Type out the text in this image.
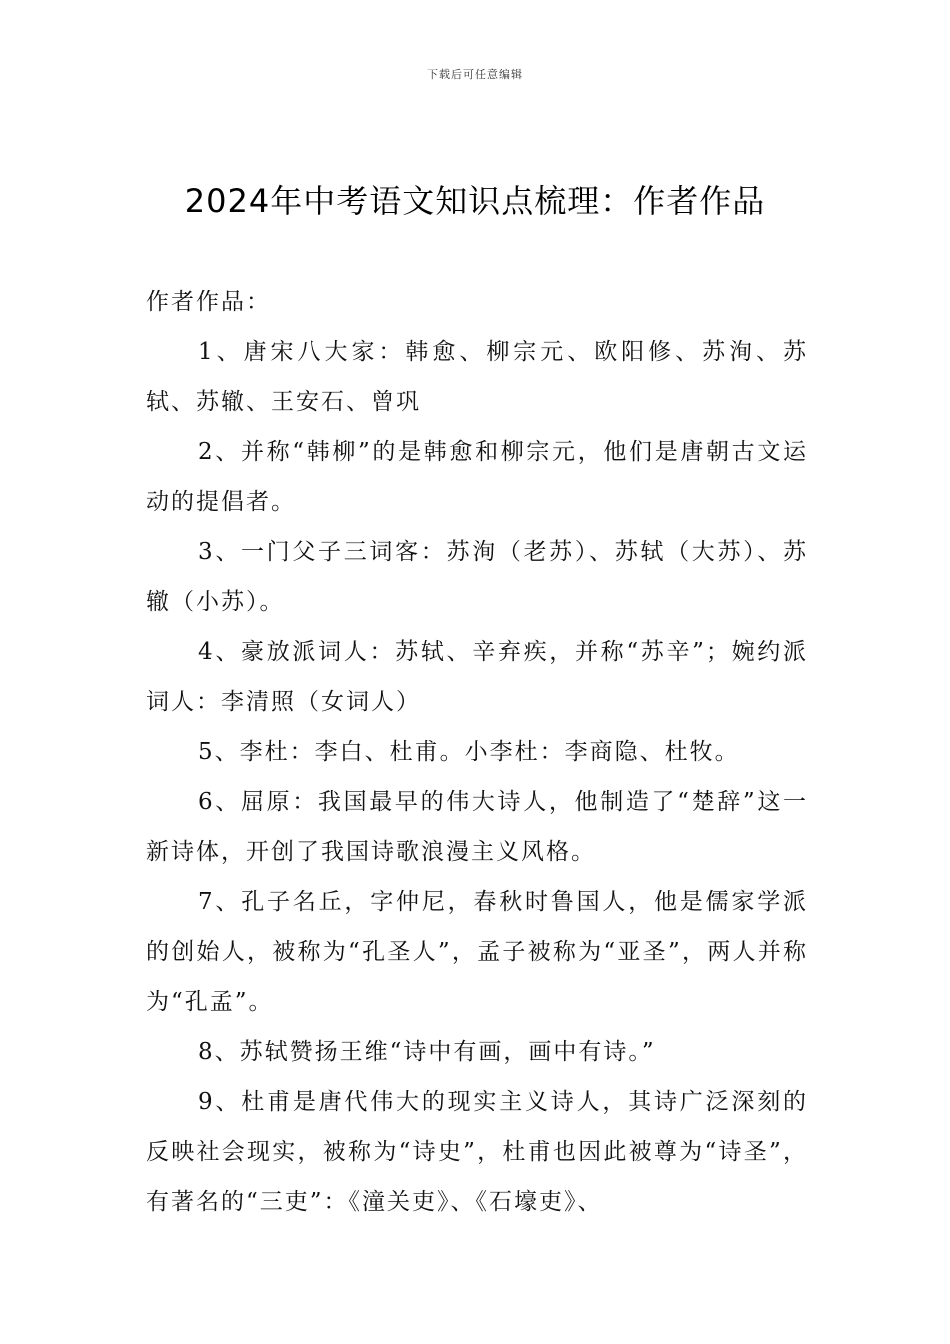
下载后可任意编辑
2024年中考语文知识点梳理：作者作品

作者作品：

1、唐宋八大家：韩愈、柳宗元、欧阳修、苏洵、苏轼、苏辙、王安石、曾巩

2、并称“韩柳”的是韩愈和柳宗元，他们是唐朝古文运动的提倡者。

3、一门父子三词客：苏洵（老苏）、苏轼（大苏）、苏辙（小苏）。

4、豪放派词人：苏轼、辛弃疾，并称“苏辛”；婉约派词人：李清照（女词人）

5、李杜：李白、杜甫。小李杜：李商隐、杜牧。

6、屈原：我国最早的伟大诗人，他制造了“楚辞”这一新诗体，开创了我国诗歌浪漫主义风格。

7、孔子名丘，字仲尼，春秋时鲁国人，他是儒家学派的创始人，被称为“孔圣人”，孟子被称为“亚圣”，两人并称为“孔孟”。

8、苏轼赞扬王维“诗中有画，画中有诗。”

9、杜甫是唐代伟大的现实主义诗人，其诗广泛深刻的反映社会现实，被称为“诗史”，杜甫也因此被尊为“诗圣”，有著名的“三吏”：《潼关吏》、《石壕吏》、
